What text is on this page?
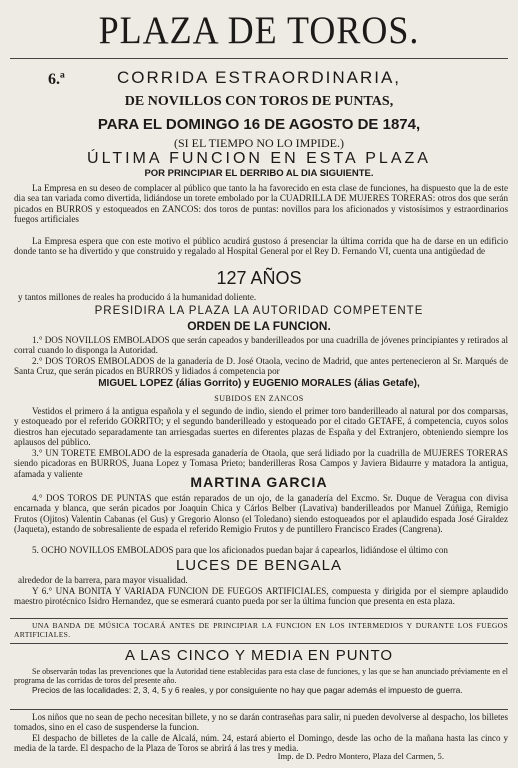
PLAZA DE TOROS.
6.ª	CORRIDA ESTRAORDINARIA,
DE NOVILLOS CON TOROS DE PUNTAS,
PARA EL DOMINGO 16 DE AGOSTO DE 1874,
(SI EL TIEMPO NO LO IMPIDE.)
ÚLTIMA FUNCION EN ESTA PLAZA
POR PRINCIPIAR EL DERRIBO AL DIA SIGUIENTE.

La Empresa en su deseo de complacer al público que tanto la ha favorecido en esta clase de funciones, ha dispuesto que la de este dia sea tan variada como divertida, lidiándose un torete embolado por la CUADRILLA DE MUJERES TORERAS: otros dos que serán picados en BURROS y estoqueados en ZANCOS: dos toros de puntas: novillos para los aficionados y vistosísimos y estraordinarios fuegos artificiales

La Empresa espera que con este motivo el público acudirá gustoso á presenciar la última corrida que ha de darse en un edificio donde tanto se ha divertido y que construido y regalado al Hospital General por el Rey D. Fernando VI, cuenta una antigüedad de

127 AÑOS

y tantos millones de reales ha producido á la humanidad doliente.

PRESIDIRA LA PLAZA LA AUTORIDAD COMPETENTE
ORDEN DE LA FUNCION.

1.° DOS NOVILLOS EMBOLADOS que serán capeados y banderilleados por una cuadrilla de jóvenes principiantes y retirados al corral cuando lo disponga la Autoridad.

2.° DOS TOROS EMBOLADOS de la ganadería de D. José Otaola, vecino de Madrid, que antes pertenecieron al Sr. Marqués de Santa Cruz, que serán picados en BURROS y lidiados á competencia por

MIGUEL LOPEZ (álias Gorrito) y EUGENIO MORALES (álias Getafe),
SUBIDOS EN ZANCOS

Vestidos el primero á la antigua española y el segundo de indio, siendo el primer toro banderilleado al natural por dos comparsas, y estoqueado por el referido GORRITO; y el segundo banderilleado y estoqueado por el citado GETAFE, á competencia, cuyos solos diestros han ejecutado separadamente tan arriesgadas suertes en diferentes plazas de España y del Extranjero, obteniendo siempre los aplausos del público.

3.° UN TORETE EMBOLADO de la espresada ganadería de Otaola, que será lidiado por la cuadrilla de MUJERES TORERAS siendo picadoras en BURROS, Juana Lopez y Tomasa Prieto; banderilleras Rosa Campos y Javiera Bidaurre y matadora la antigua, afamada y valiente

MARTINA GARCIA

4.° DOS TOROS DE PUNTAS que están reparados de un ojo, de la ganadería del Excmo. Sr. Duque de Veragua con divisa encarnada y blanca, que serán picados por Joaquin Chica y Cárlos Belber (Lavativa) banderilleados por Manuel Zúñiga, Remigio Frutos (Ojitos) Valentin Cabanas (el Gus) y Gregorio Alonso (el Toledano) siendo estoqueados por el aplaudido espada José Giraldez (Jaqueta), estando de sobresaliente de espada el referido Remigio Frutos y de puntillero Francisco Erades (Cangrena).

5. OCHO NOVILLOS EMBOLADOS para que los aficionados puedan bajar á capearlos, lidiándose el último con

LUCES DE BENGALA

alrededor de la barrera, para mayor visualidad.

Y 6.° UNA BONITA Y VARIADA FUNCION DE FUEGOS ARTIFICIALES, compuesta y dirigida por el siempre aplaudido maestro pirotécnico Isidro Hernandez, que se esmerará cuanto pueda por ser la última funcion que presenta en esta plaza.

UNA BANDA DE MÚSICA TOCARÁ ANTES DE PRINCIPIAR LA FUNCION EN LOS INTERMEDIOS Y DURANTE LOS FUEGOS ARTIFICIALES.

A LAS CINCO Y MEDIA EN PUNTO

Se observarán todas las prevenciones que la Autoridad tiene establecidas para esta clase de funciones, y las que se han anunciado préviamente en el programa de las corridas de toros del presente año.

Precios de las localidades: 2, 3, 4, 5 y 6 reales, y por consiguiente no hay que pagar además el impuesto de guerra.

Los niños que no sean de pecho necesitan billete, y no se darán contraseñas para salir, ni pueden devolverse al despacho, los billetes tomados, sino en el caso de suspenderse la funcion.

El despacho de billetes de la calle de Alcalá, núm. 24, estará abierto el Domingo, desde las ocho de la mañana hasta las cinco y media de la tarde. El despacho de la Plaza de Toros se abrirá á las tres y media.

Imp. de D. Pedro Montero, Plaza del Carmen, 5.
